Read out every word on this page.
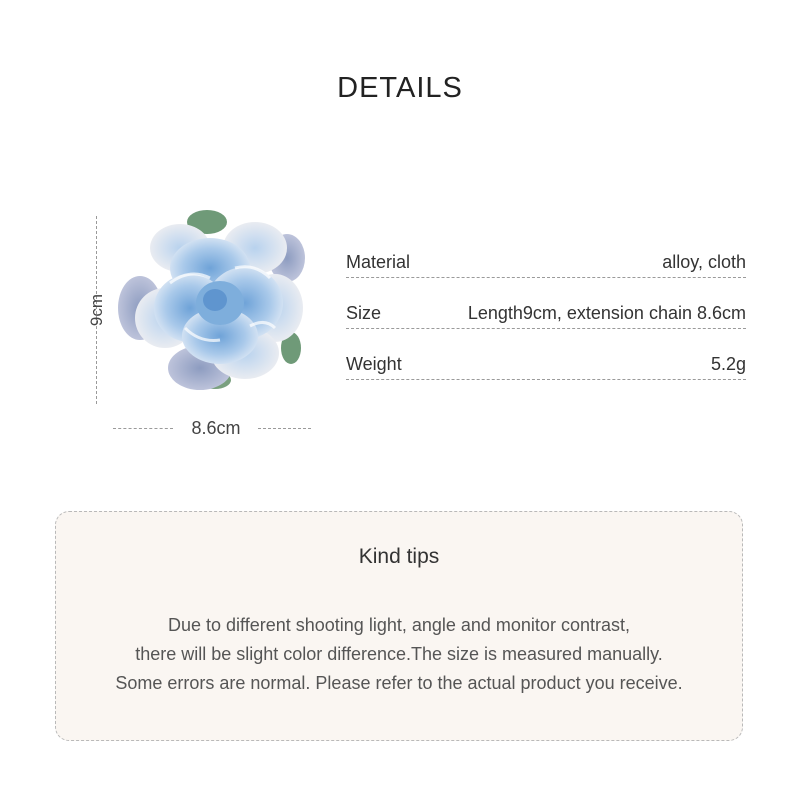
DETAILS
9cm
8.6cm
Material	alloy, cloth
Size	Length9cm, extension chain 8.6cm
Weight	5.2g
Kind tips
Due to different shooting light, angle and monitor contrast,
there will be slight color difference.The size is measured manually.
Some errors are normal. Please refer to the actual product you receive.
